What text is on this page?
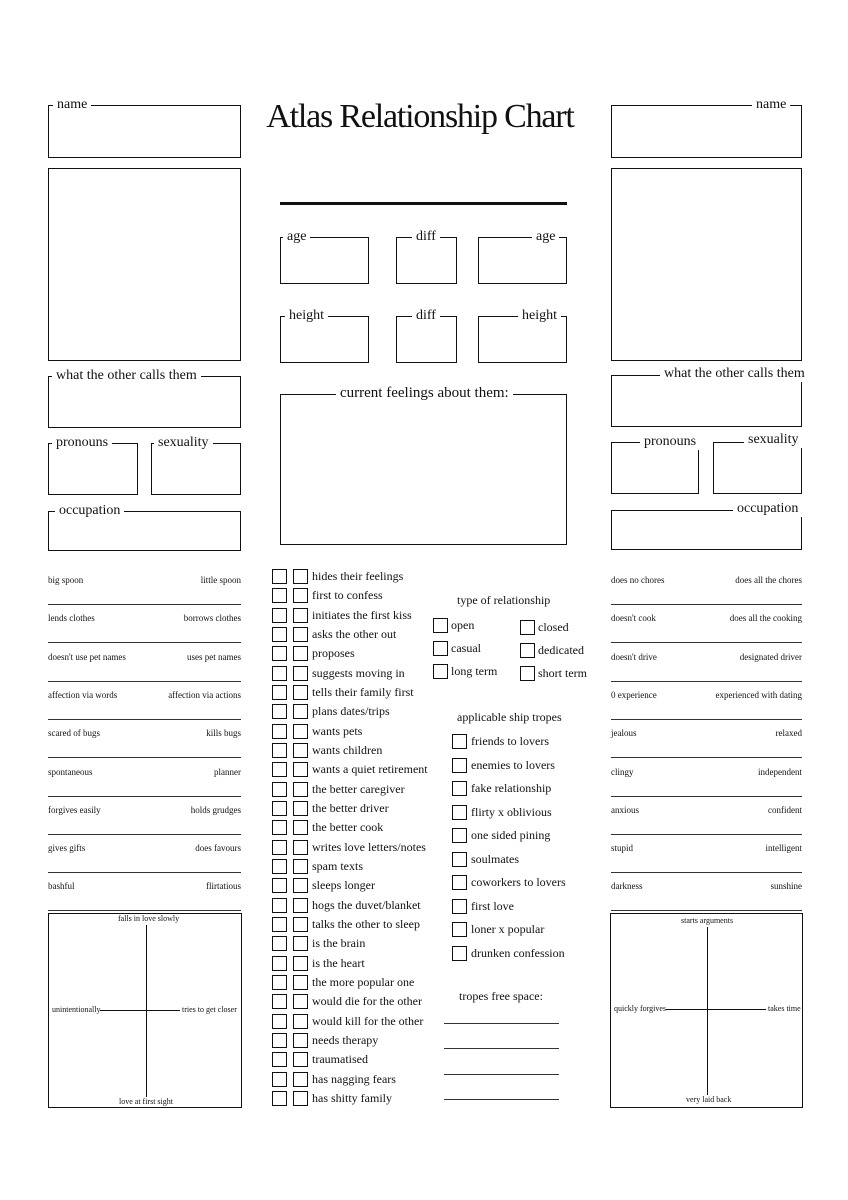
Atlas Relationship Chart
name
what the other calls them
pronouns	sexuality
occupation
big spoon	little spoon
lends clothes	borrows clothes
doesn't use pet names	uses pet names
affection via words	affection via actions
scared of bugs	kills bugs
spontaneous	planner
forgives easily	holds grudges
gives gifts	does favours
bashful	flirtatious
falls in love slowly
love at first sight
unintentionally	tries to get closer
age	diff	age
height	diff	height
current feelings about them:
hides their feelings
first to confess
initiates the first kiss
asks the other out
proposes
suggests moving in
tells their family first
plans dates/trips
wants pets
wants children
wants a quiet retirement
the better caregiver
the better driver
the better cook
writes love letters/notes
spam texts
sleeps longer
hogs the duvet/blanket
talks the other to sleep
is the brain
is the heart
the more popular one
would die for the other
would kill for the other
needs therapy
traumatised
has nagging fears
has shitty family
type of relationship
open	closed
casual	dedicated
long term	short term
applicable ship tropes
friends to lovers
enemies to lovers
fake relationship
flirty x oblivious
one sided pining
soulmates
coworkers to lovers
first love
loner x popular
drunken confession
tropes free space:
name
what the other calls them
pronouns	sexuality
occupation
does no chores	does all the chores
doesn't cook	does all the cooking
doesn't drive	designated driver
0 experience	experienced with dating
jealous	relaxed
clingy	independent
anxious	confident
stupid	intelligent
darkness	sunshine
starts arguments
very laid back
quickly forgives	takes time
